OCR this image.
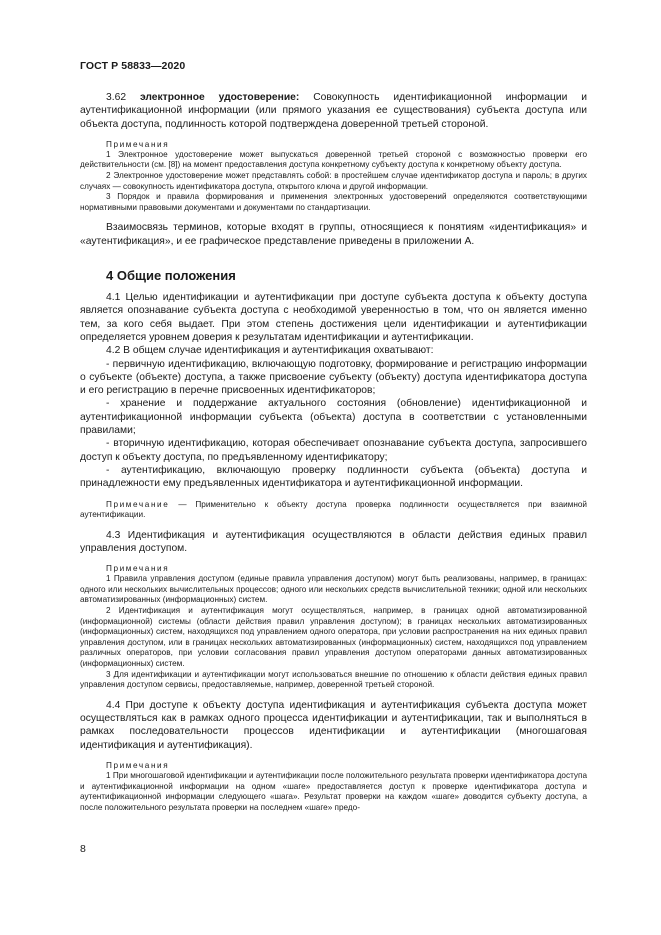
ГОСТ Р 58833—2020

3.62 электронное удостоверение: Совокупность идентификационной информации и аутентификационной информации (или прямого указания ее существования) субъекта доступа или объекта доступа, подлинность которой подтверждена доверенной третьей стороной.

Примечания

1 Электронное удостоверение может выпускаться доверенной третьей стороной с возможностью проверки его действительности (см. [8]) на момент предоставления доступа конкретному субъекту доступа к конкретному объекту доступа.

2 Электронное удостоверение может представлять собой: в простейшем случае идентификатор доступа и пароль; в других случаях — совокупность идентификатора доступа, открытого ключа и другой информации.

3 Порядок и правила формирования и применения электронных удостоверений определяются соответствующими нормативными правовыми документами и документами по стандартизации.

Взаимосвязь терминов, которые входят в группы, относящиеся к понятиям «идентификация» и «аутентификация», и ее графическое представление приведены в приложении А.

4 Общие положения

4.1 Целью идентификации и аутентификации при доступе субъекта доступа к объекту доступа является опознавание субъекта доступа с необходимой уверенностью в том, что он является именно тем, за кого себя выдает. При этом степень достижения цели идентификации и аутентификации определяется уровнем доверия к результатам идентификации и аутентификации.

4.2 В общем случае идентификация и аутентификация охватывают:

- первичную идентификацию, включающую подготовку, формирование и регистрацию информации о субъекте (объекте) доступа, а также присвоение субъекту (объекту) доступа идентификатора доступа и его регистрацию в перечне присвоенных идентификаторов;

- хранение и поддержание актуального состояния (обновление) идентификационной и аутентификационной информации субъекта (объекта) доступа в соответствии с установленными правилами;

- вторичную идентификацию, которая обеспечивает опознавание субъекта доступа, запросившего доступ к объекту доступа, по предъявленному идентификатору;

- аутентификацию, включающую проверку подлинности субъекта (объекта) доступа и принадлежности ему предъявленных идентификатора и аутентификационной информации.

Примечание — Применительно к объекту доступа проверка подлинности осуществляется при взаимной аутентификации.

4.3 Идентификация и аутентификация осуществляются в области действия единых правил управления доступом.

Примечания

1 Правила управления доступом (единые правила управления доступом) могут быть реализованы, например, в границах: одного или нескольких вычислительных процессов; одного или нескольких средств вычислительной техники; одной или нескольких автоматизированных (информационных) систем.

2 Идентификация и аутентификация могут осуществляться, например, в границах одной автоматизированной (информационной) системы (области действия правил управления доступом); в границах нескольких автоматизированных (информационных) систем, находящихся под управлением одного оператора, при условии распространения на них единых правил управления доступом, или в границах нескольких автоматизированных (информационных) систем, находящихся под управлением различных операторов, при условии согласования правил управления доступом операторами данных автоматизированных (информационных) систем.

3 Для идентификации и аутентификации могут использоваться внешние по отношению к области действия единых правил управления доступом сервисы, предоставляемые, например, доверенной третьей стороной.

4.4 При доступе к объекту доступа идентификация и аутентификация субъекта доступа может осуществляться как в рамках одного процесса идентификации и аутентификации, так и выполняться в рамках последовательности процессов идентификации и аутентификации (многошаговая идентификация и аутентификация).

Примечания

1 При многошаговой идентификации и аутентификации после положительного результата проверки идентификатора доступа и аутентификационной информации на одном «шаге» предоставляется доступ к проверке идентификатора доступа и аутентификационной информации следующего «шага». Результат проверки на каждом «шаге» доводится субъекту доступа, а после положительного результата проверки на последнем «шаге» предо-

8
